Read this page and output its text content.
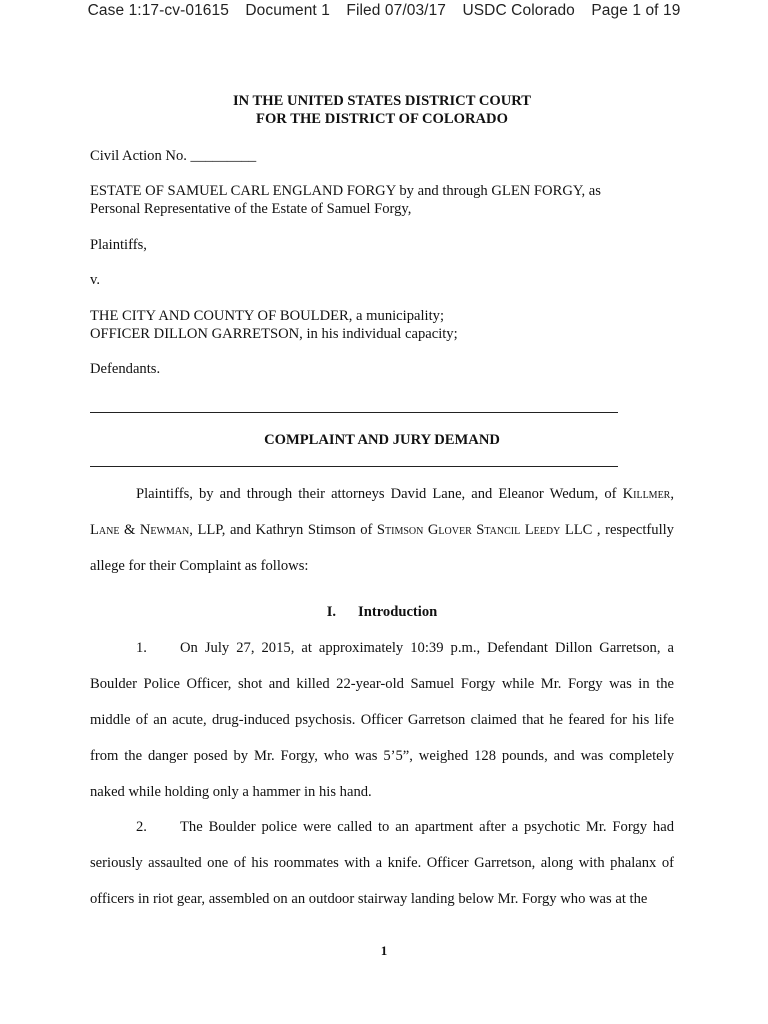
Case 1:17-cv-01615 Document 1 Filed 07/03/17 USDC Colorado Page 1 of 19
IN THE UNITED STATES DISTRICT COURT
FOR THE DISTRICT OF COLORADO
Civil Action No. _________
ESTATE OF SAMUEL CARL ENGLAND FORGY by and through GLEN FORGY, as
Personal Representative of the Estate of Samuel Forgy,
Plaintiffs,
v.
THE CITY AND COUNTY OF BOULDER, a municipality;
OFFICER DILLON GARRETSON, in his individual capacity;
Defendants.
COMPLAINT AND JURY DEMAND
Plaintiffs, by and through their attorneys David Lane, and Eleanor Wedum, of Killmer, Lane & Newman, LLP, and Kathryn Stimson of Stimson Glover Stancil Leedy LLC , respectfully allege for their Complaint as follows:
I. Introduction
1. On July 27, 2015, at approximately 10:39 p.m., Defendant Dillon Garretson, a Boulder Police Officer, shot and killed 22-year-old Samuel Forgy while Mr. Forgy was in the middle of an acute, drug-induced psychosis. Officer Garretson claimed that he feared for his life from the danger posed by Mr. Forgy, who was 5’5”, weighed 128 pounds, and was completely naked while holding only a hammer in his hand.
2. The Boulder police were called to an apartment after a psychotic Mr. Forgy had seriously assaulted one of his roommates with a knife. Officer Garretson, along with phalanx of officers in riot gear, assembled on an outdoor stairway landing below Mr. Forgy who was at the
1
